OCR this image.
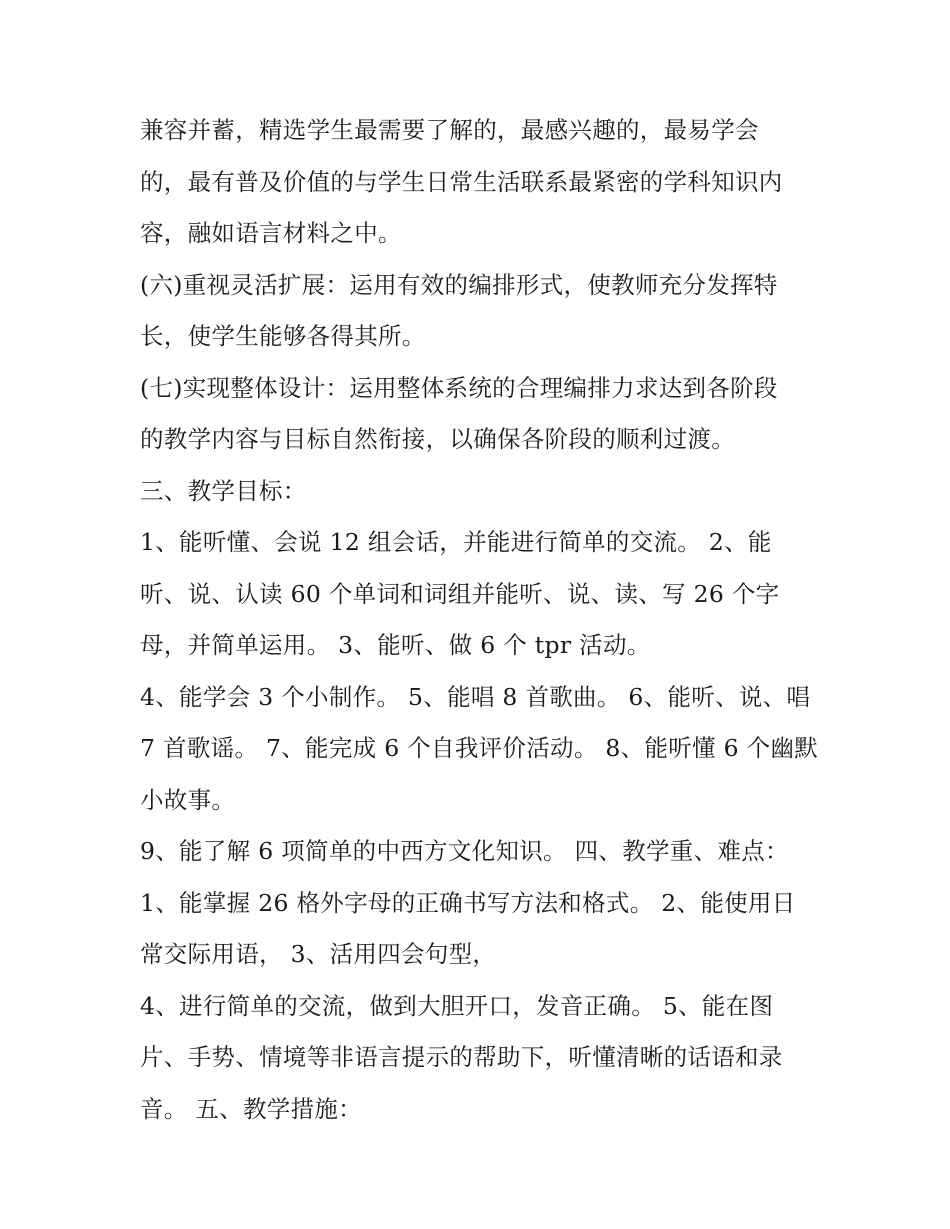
兼容并蓄，精选学生最需要了解的，最感兴趣的，最易学会
的，最有普及价值的与学生日常生活联系最紧密的学科知识内
容，融如语言材料之中。
(六)重视灵活扩展：运用有效的编排形式，使教师充分发挥特
长，使学生能够各得其所。
(七)实现整体设计：运用整体系统的合理编排力求达到各阶段
的教学内容与目标自然衔接，以确保各阶段的顺利过渡。
三、教学目标：
1、能听懂、会说 12 组会话，并能进行简单的交流。 2、能
听、说、认读 60 个单词和词组并能听、说、读、写 26 个字
母，并简单运用。 3、能听、做 6 个 tpr 活动。
4、能学会 3 个小制作。 5、能唱 8 首歌曲。 6、能听、说、唱
7 首歌谣。 7、能完成 6 个自我评价活动。 8、能听懂 6 个幽默
小故事。
9、能了解 6 项简单的中西方文化知识。 四、教学重、难点：
1、能掌握 26 格外字母的正确书写方法和格式。 2、能使用日
常交际用语， 3、活用四会句型，
4、进行简单的交流，做到大胆开口，发音正确。 5、能在图
片、手势、情境等非语言提示的帮助下，听懂清晰的话语和录
音。 五、教学措施：
